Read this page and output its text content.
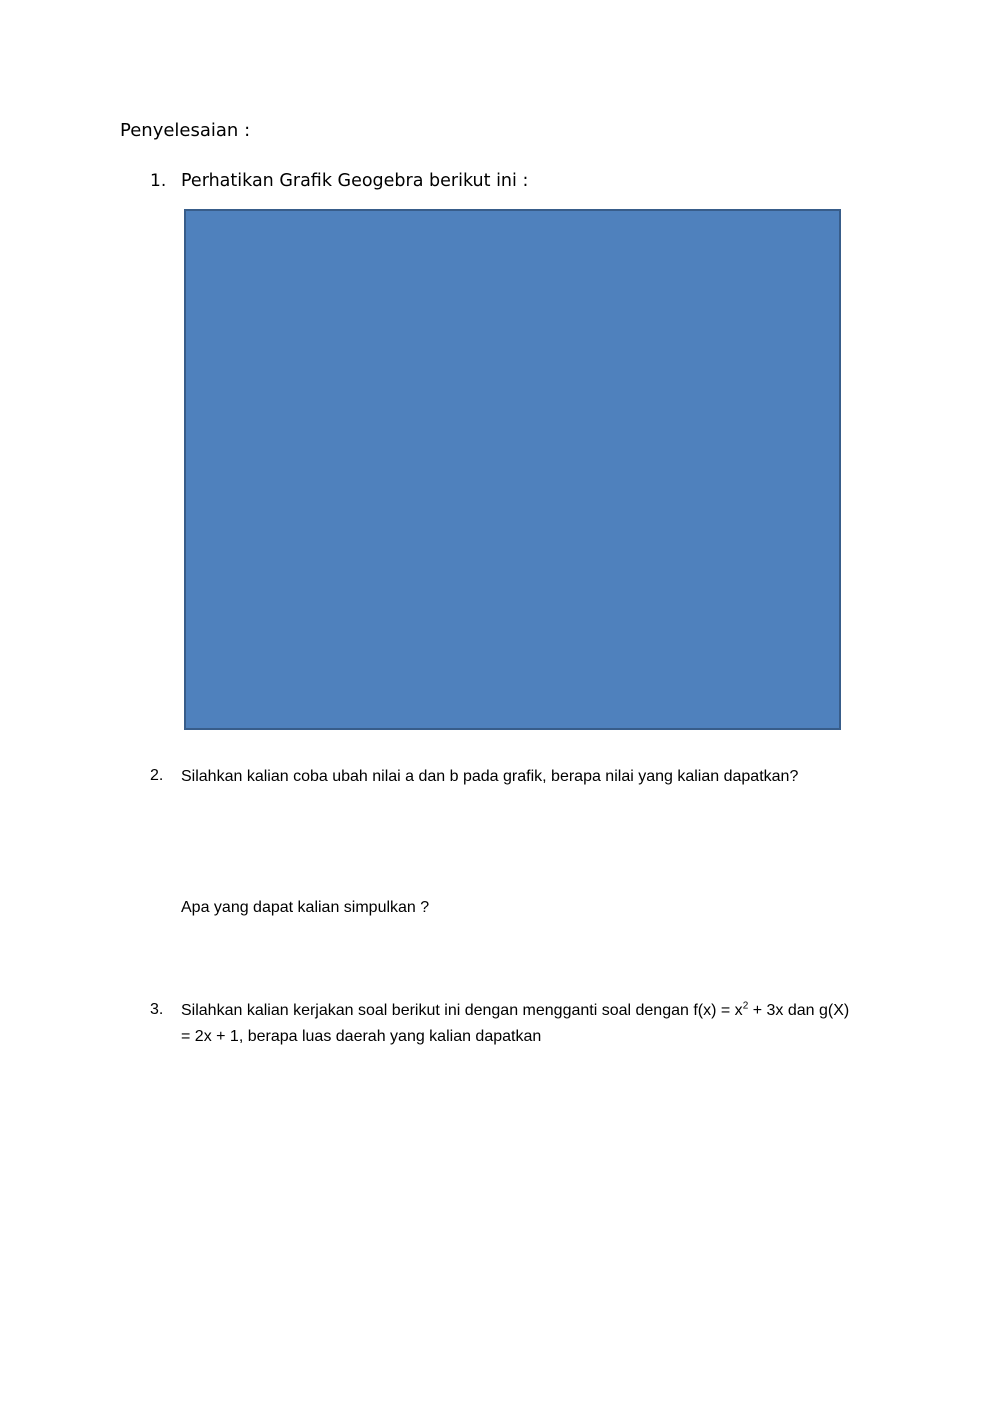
Penyelesaian :
1. Perhatikan Grafik Geogebra berikut ini :
2. Silahkan kalian coba ubah nilai a dan b pada grafik, berapa nilai yang kalian dapatkan?
Apa yang dapat kalian simpulkan ?
3. Silahkan kalian kerjakan soal berikut ini dengan mengganti soal dengan $f(x) = x^2 + 3x$ dan g(X)
= 2x + 1, berapa luas daerah yang kalian dapatkan
